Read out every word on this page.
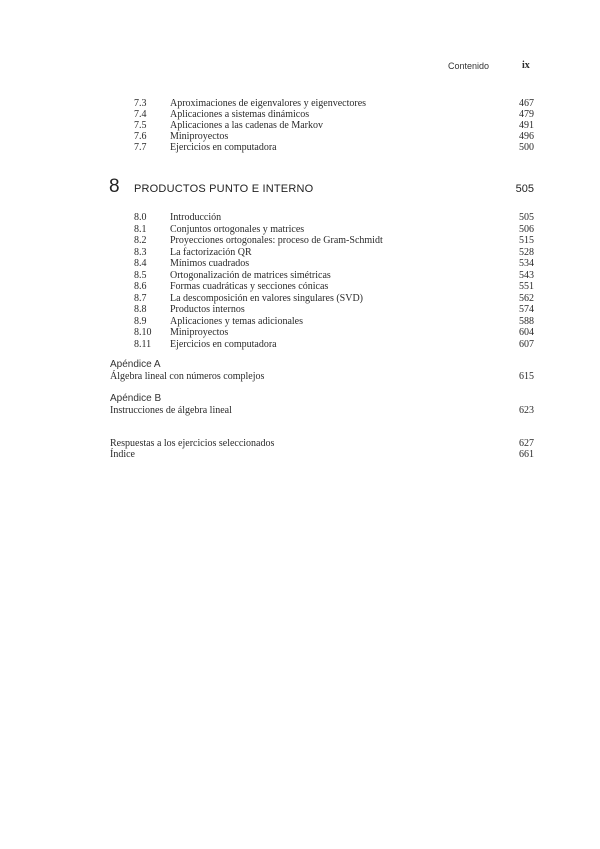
Contenido	ix
7.3 Aproximaciones de eigenvalores y eigenvectores	467
7.4 Aplicaciones a sistemas dinámicos	479
7.5 Aplicaciones a las cadenas de Markov	491
7.6 Miniproyectos	496
7.7 Ejercicios en computadora	500
8 PRODUCTOS PUNTO E INTERNO	505
8.0 Introducción	505
8.1 Conjuntos ortogonales y matrices	506
8.2 Proyecciones ortogonales: proceso de Gram-Schmidt	515
8.3 La factorización QR	528
8.4 Mínimos cuadrados	534
8.5 Ortogonalización de matrices simétricas	543
8.6 Formas cuadráticas y secciones cónicas	551
8.7 La descomposición en valores singulares (SVD)	562
8.8 Productos internos	574
8.9 Aplicaciones y temas adicionales	588
8.10 Miniproyectos	604
8.11 Ejercicios en computadora	607
Apéndice A
Álgebra lineal con números complejos	615
Apéndice B
Instrucciones de álgebra lineal	623
Respuestas a los ejercicios seleccionados	627
Índice	661
